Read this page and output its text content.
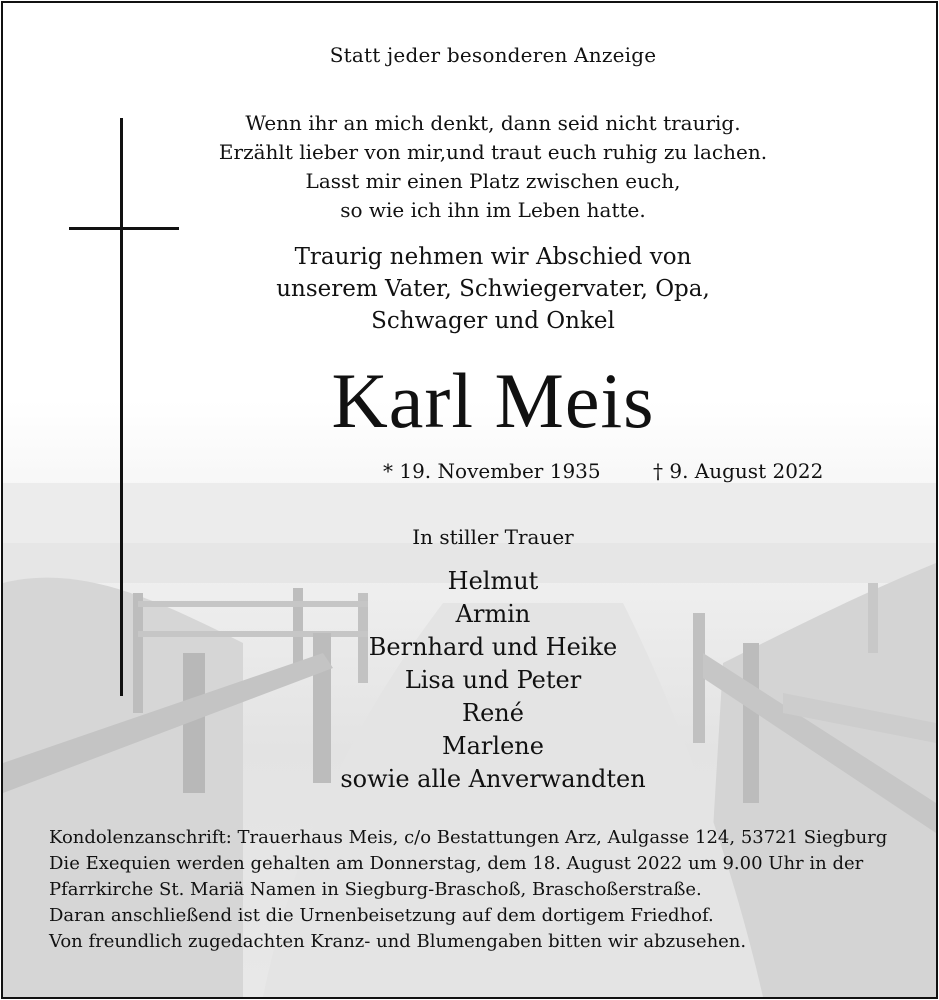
Statt jeder besonderen Anzeige
Wenn ihr an mich denkt, dann seid nicht traurig.
Erzählt lieber von mir,und traut euch ruhig zu lachen.
Lasst mir einen Platz zwischen euch,
so wie ich ihn im Leben hatte.
Traurig nehmen wir Abschied von
unserem Vater, Schwiegervater, Opa,
Schwager und Onkel
Karl Meis
* 19. November 1935	† 9. August 2022
In stiller Trauer
Helmut
Armin
Bernhard und Heike
Lisa und Peter
René
Marlene
sowie alle Anverwandten
Kondolenzanschrift: Trauerhaus Meis, c/o Bestattungen Arz, Aulgasse 124, 53721 Siegburg
Die Exequien werden gehalten am Donnerstag, dem 18. August 2022 um 9.00 Uhr in der
Pfarrkirche St. Mariä Namen in Siegburg-Braschoß, Braschoßerstraße.
Daran anschließend ist die Urnenbeisetzung auf dem dortigem Friedhof.
Von freundlich zugedachten Kranz- und Blumengaben bitten wir abzusehen.
